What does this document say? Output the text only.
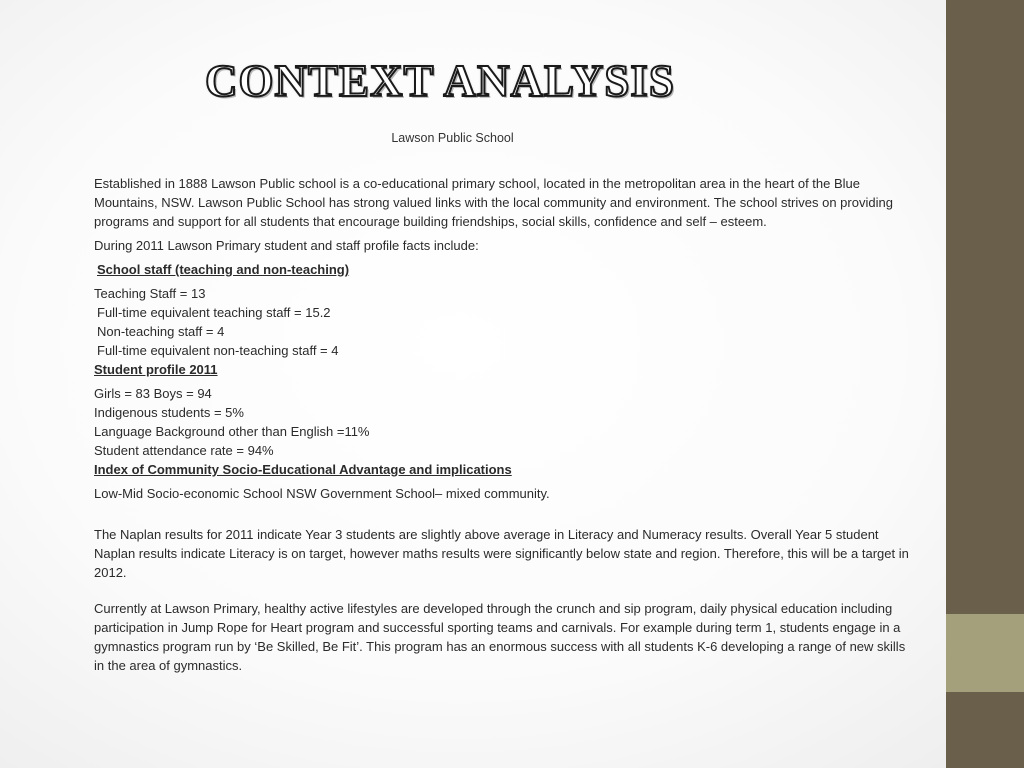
CONTEXT ANALYSIS
Lawson Public School

Established in 1888 Lawson Public school is a co-educational primary school, located in the metropolitan area in the heart of the Blue Mountains, NSW. Lawson Public School has strong valued links with the local community and environment. The school strives on providing programs and support for all students that encourage building friendships, social skills, confidence and self – esteem.

During 2011 Lawson Primary student and staff profile facts include:

School staff (teaching and non-teaching)

Teaching Staff = 13

Full-time equivalent teaching staff = 15.2

Non-teaching staff = 4

Full-time equivalent non-teaching staff = 4

Student profile 2011

Girls = 83 Boys = 94

Indigenous students = 5%

Language Background other than English =11%

Student attendance rate = 94%

Index of Community Socio-Educational Advantage and implications

Low-Mid Socio-economic School NSW Government School– mixed community.

The Naplan results for 2011 indicate Year 3 students are slightly above average in Literacy and Numeracy results. Overall Year 5 student Naplan results indicate Literacy is on target, however maths results were significantly below state and region. Therefore, this will be a target in 2012.

Currently at Lawson Primary, healthy active lifestyles are developed through the crunch and sip program, daily physical education including participation in Jump Rope for Heart program and successful sporting teams and carnivals. For example during term 1, students engage in a gymnastics program run by ‘Be Skilled, Be Fit’. This program has an enormous success with all students K-6 developing a range of new skills in the area of gymnastics.
